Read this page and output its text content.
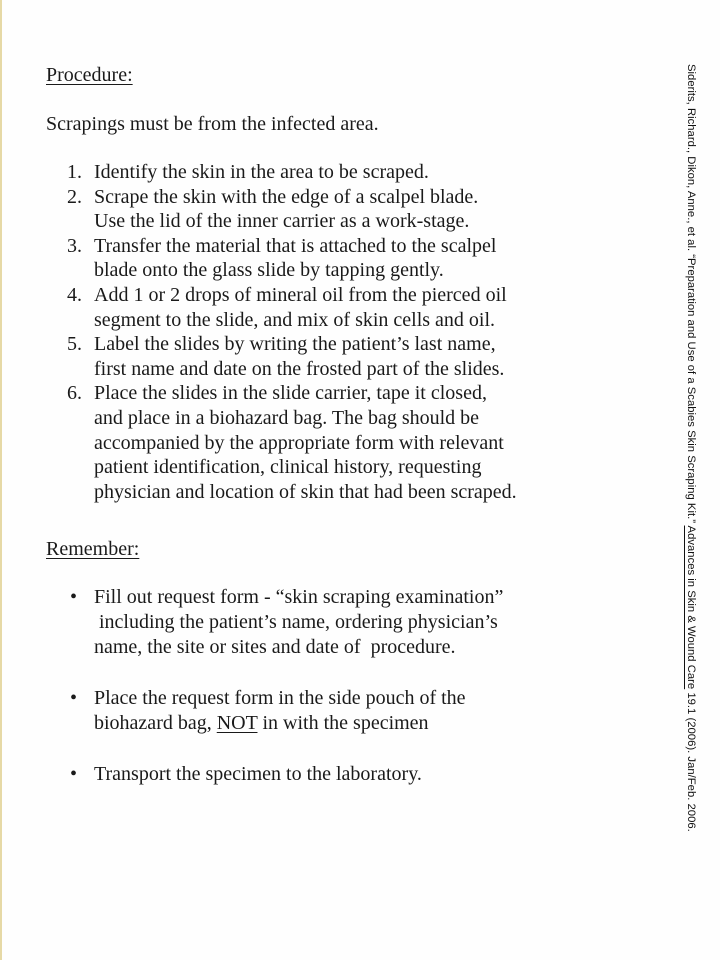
Procedure:
Scrapings must be from the infected area.
1. Identify the skin in the area to be scraped.
2. Scrape the skin with the edge of a scalpel blade.
Use the lid of the inner carrier as a work-stage.
3. Transfer the material that is attached to the scalpel
blade onto the glass slide by tapping gently.
4. Add 1 or 2 drops of mineral oil from the pierced oil
segment to the slide, and mix of skin cells and oil.
5. Label the slides by writing the patient’s last name,
first name and date on the frosted part of the slides.
6. Place the slides in the slide carrier, tape it closed,
and place in a biohazard bag. The bag should be
accompanied by the appropriate form with relevant
patient identification, clinical history, requesting
physician and location of skin that had been scraped.
Remember:
• Fill out request form - “skin scraping examination”
including the patient’s name, ordering physician’s
name, the site or sites and date of  procedure.
• Place the request form in the side pouch of the
biohazard bag, NOT in with the specimen
• Transport the specimen to the laboratory.
Siderits, Richard., Dikon, Anne., et al. “Preparation and Use of a Scabies Skin Scraping Kit.” Advances in Skin & Wound Care 19.1 (2006). Jan/Feb. 2006.
